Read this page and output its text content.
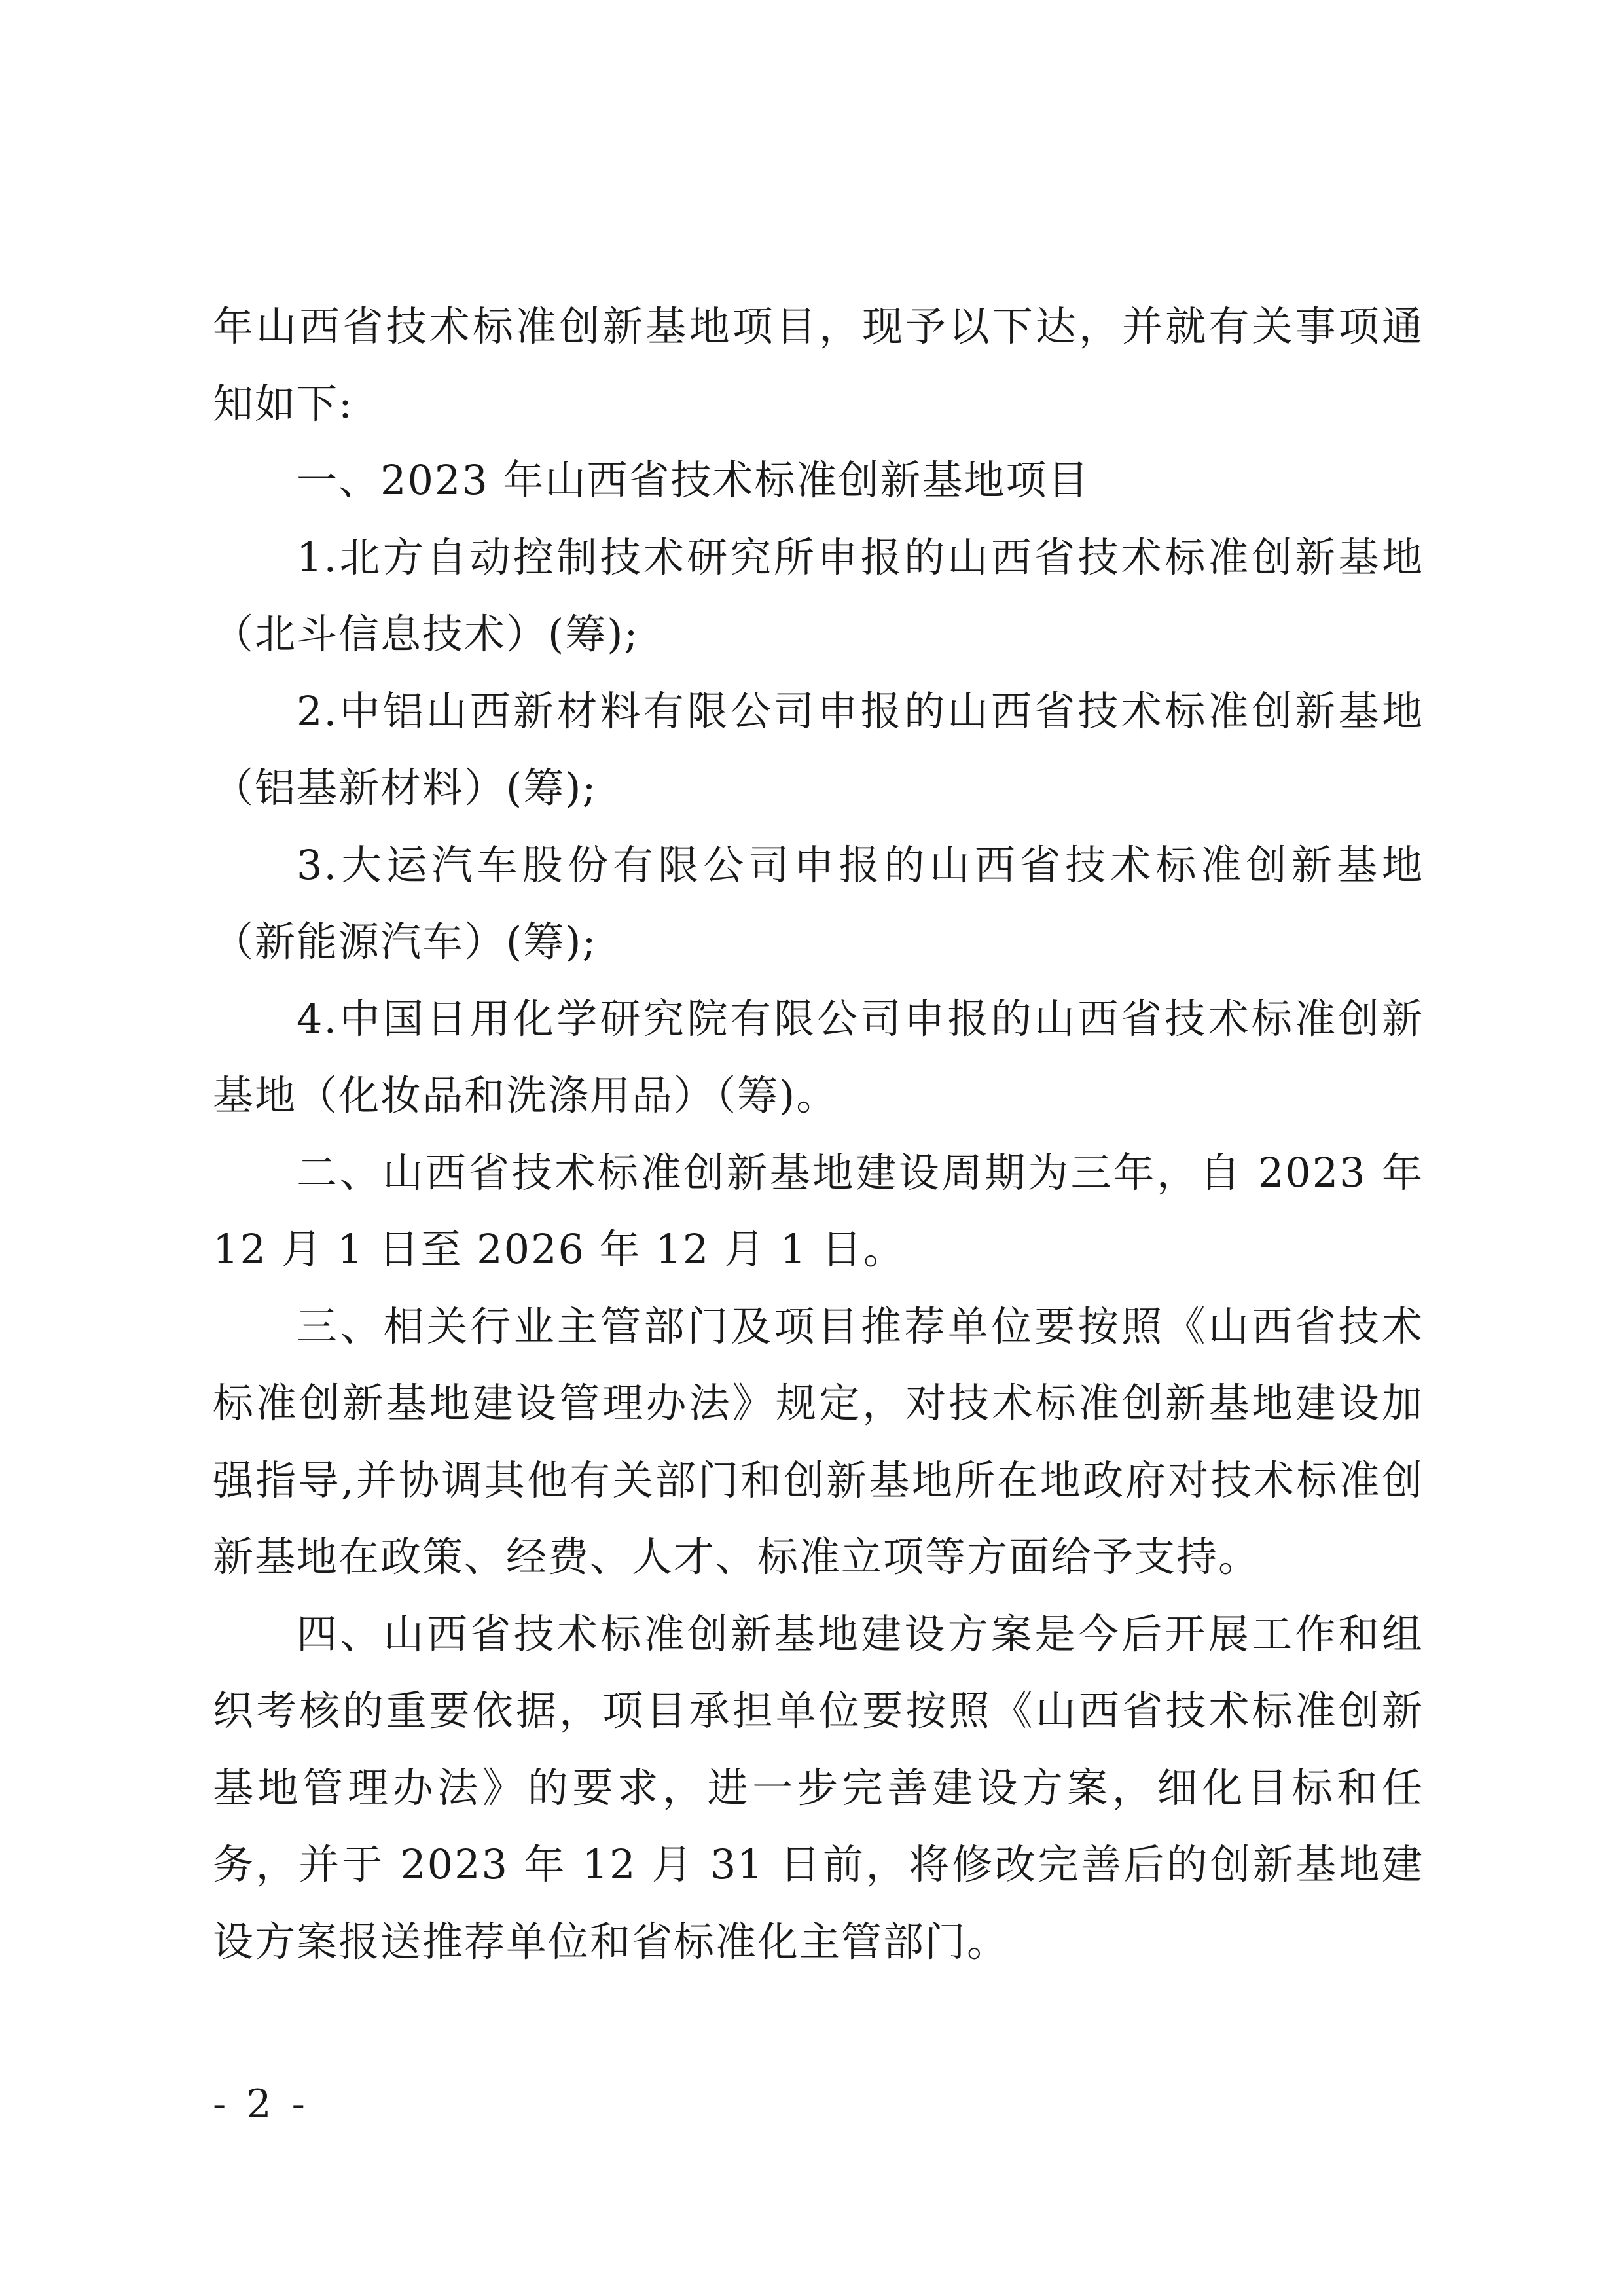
年山西省技术标准创新基地项目，现予以下达，并就有关事项通知如下:

一、2023 年山西省技术标准创新基地项目

1.北方自动控制技术研究所申报的山西省技术标准创新基地（北斗信息技术）(筹);

2.中铝山西新材料有限公司申报的山西省技术标准创新基地（铝基新材料）(筹);

3.大运汽车股份有限公司申报的山西省技术标准创新基地（新能源汽车）(筹);

4.中国日用化学研究院有限公司申报的山西省技术标准创新基地（化妆品和洗涤用品）（筹)。

二、山西省技术标准创新基地建设周期为三年，自 2023 年12 月 1 日至 2026 年 12 月 1 日。

三、相关行业主管部门及项目推荐单位要按照《山西省技术标准创新基地建设管理办法》规定，对技术标准创新基地建设加强指导,并协调其他有关部门和创新基地所在地政府对技术标准创新基地在政策、经费、人才、标准立项等方面给予支持。

四、山西省技术标准创新基地建设方案是今后开展工作和组织考核的重要依据，项目承担单位要按照《山西省技术标准创新基地管理办法》的要求，进一步完善建设方案，细化目标和任务，并于 2023 年 12 月 31 日前，将修改完善后的创新基地建设方案报送推荐单位和省标准化主管部门。

- 2 -
